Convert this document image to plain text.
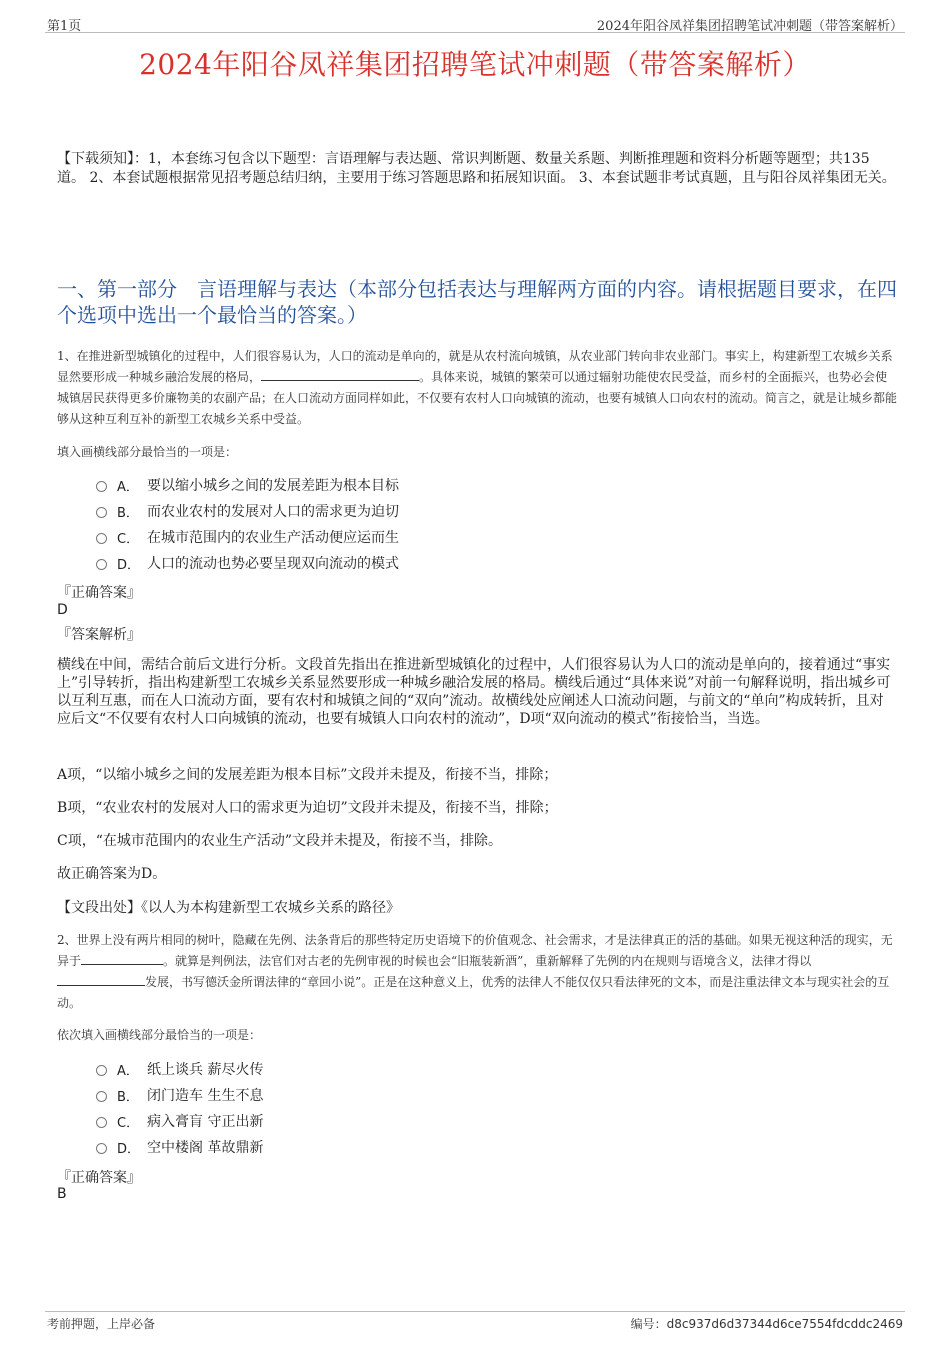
第1页	2024年阳谷凤祥集团招聘笔试冲刺题（带答案解析）
2024年阳谷凤祥集团招聘笔试冲刺题（带答案解析）
【下载须知】：1，本套练习包含以下题型：言语理解与表达题、常识判断题、数量关系题、判断推理题和资料分析题等题型；共135道。 2、本套试题根据常见招考题总结归纳，主要用于练习答题思路和拓展知识面。 3、本套试题非考试真题，且与阳谷凤祥集团无关。
一、第一部分　言语理解与表达（本部分包括表达与理解两方面的内容。请根据题目要求，在四个选项中选出一个最恰当的答案。）
1、在推进新型城镇化的过程中，人们很容易认为，人口的流动是单向的，就是从农村流向城镇，从农业部门转向非农业部门。事实上，构建新型工农城乡关系显然要形成一种城乡融洽发展的格局，	。具体来说，城镇的繁荣可以通过辐射功能使农民受益，而乡村的全面振兴，也势必会使城镇居民获得更多价廉物美的农副产品；在人口流动方面同样如此，不仅要有农村人口向城镇的流动，也要有城镇人口向农村的流动。简言之，就是让城乡都能够从这种互利互补的新型工农城乡关系中受益。
填入画横线部分最恰当的一项是：
A． 要以缩小城乡之间的发展差距为根本目标
B． 而农业农村的发展对人口的需求更为迫切
C． 在城市范围内的农业生产活动便应运而生
D． 人口的流动也势必要呈现双向流动的模式
『正确答案』
D
『答案解析』
横线在中间，需结合前后文进行分析。文段首先指出在推进新型城镇化的过程中，人们很容易认为人口的流动是单向的，接着通过“事实上”引导转折，指出构建新型工农城乡关系显然要形成一种城乡融洽发展的格局。横线后通过“具体来说”对前一句解释说明，指出城乡可以互利互惠，而在人口流动方面，要有农村和城镇之间的“双向”流动。故横线处应阐述人口流动问题，与前文的“单向”构成转折，且对应后文“不仅要有农村人口向城镇的流动，也要有城镇人口向农村的流动”，D项“双向流动的模式”衔接恰当，当选。
A项，“以缩小城乡之间的发展差距为根本目标”文段并未提及，衔接不当，排除；
B项，“农业农村的发展对人口的需求更为迫切”文段并未提及，衔接不当，排除；
C项，“在城市范围内的农业生产活动”文段并未提及，衔接不当，排除。
故正确答案为D。
【文段出处】《以人为本构建新型工农城乡关系的路径》
2、世界上没有两片相同的树叶，隐藏在先例、法条背后的那些特定历史语境下的价值观念、社会需求，才是法律真正的活的基础。如果无视这种活的现实，无异于	。就算是判例法，法官们对古老的先例审视的时候也会“旧瓶装新酒”，重新解释了先例的内在规则与语境含义，法律才得以发展，书写德沃金所谓法律的“章回小说”。正是在这种意义上，优秀的法律人不能仅仅只看法律死的文本，而是注重法律文本与现实社会的互动。
依次填入画横线部分最恰当的一项是：
A． 纸上谈兵 薪尽火传
B． 闭门造车 生生不息
C． 病入膏肓 守正出新
D． 空中楼阁 革故鼎新
『正确答案』
B
考前押题，上岸必备	编号：d8c937d6d37344d6ce7554fdcddc2469
